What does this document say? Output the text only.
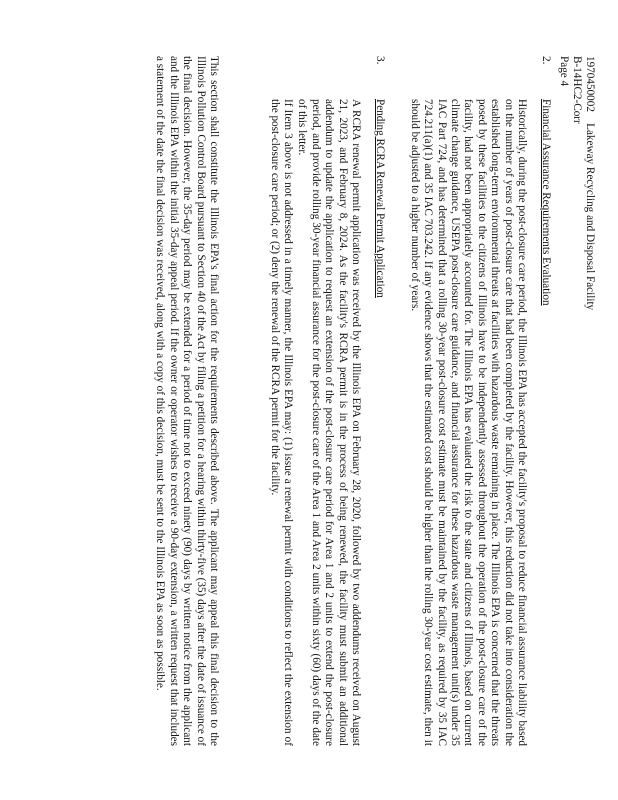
1970450002    Lakeway Recycling and Disposal Facility
B-14HC2-Corr
Page 4
2.
Financial Assurance Requirements Evaluation

Historically, during the post-closure care period, the Illinois EPA has accepted the facility's proposal to reduce financial assurance liability based on the number of years of post-closure care that had been completed by the facility. However, this reduction did not take into consideration the established long-term environmental threats at facilities with hazardous waste remaining in place. The Illinois EPA is concerned that the threats posed by these facilities to the citizens of Illinois have to be independently assessed throughout the operation of the post-closure care of the facility, had not been appropriately accounted for. The Illinois EPA has evaluated the risk to the state and citizens of Illinois, based on current climate change guidance, USEPA post-closure care guidance, and financial assurance for these hazardous waste management unit(s) under 35 IAC Part 724, and has determined that a rolling 30-year post-closure cost estimate must be maintained by the facility, as required by 35 IAC 724.211(a)(1) and 35 IAC 703.242. If any evidence shows that the estimated cost should be higher than the rolling 30-year cost estimate, then it should be adjusted to a higher number of years.

3.
Pending RCRA Renewal Permit Application

A RCRA renewal permit application was received by the Illinois EPA on February 28, 2020, followed by two addendums received on August 21, 2023, and February 8, 2024. As the facility's RCRA permit is in the process of being renewed, the facility must submit an additional addendum to update the application to request an extension of the post-closure care period for Area 1 and 2 units to extend the post-closure period, and provide rolling 30-year financial assurance for the post-closure care of the Area 1 and Area 2 units within sixty (60) days of the date of this letter.

If Item 3 above is not addressed in a timely manner, the Illinois EPA may: (1) issue a renewal permit with conditions to reflect the extension of the post-closure care period; or (2) deny the renewal of the RCRA permit for the facility.

This section shall constitute the Illinois EPA's final action for the requirements described above. The applicant may appeal this final decision to the Illinois Pollution Control Board pursuant to Section 40 of the Act by filing a petition for a hearing within thirty-five (35) days after the date of issuance of the final decision. However, the 35-day period may be extended for a period of time not to exceed ninety (90) days by written notice from the applicant and the Illinois EPA within the initial 35-day appeal period. If the owner or operator wishes to receive a 90-day extension, a written request that includes a statement of the date the final decision was received, along with a copy of this decision, must be sent to the Illinois EPA as soon as possible.
